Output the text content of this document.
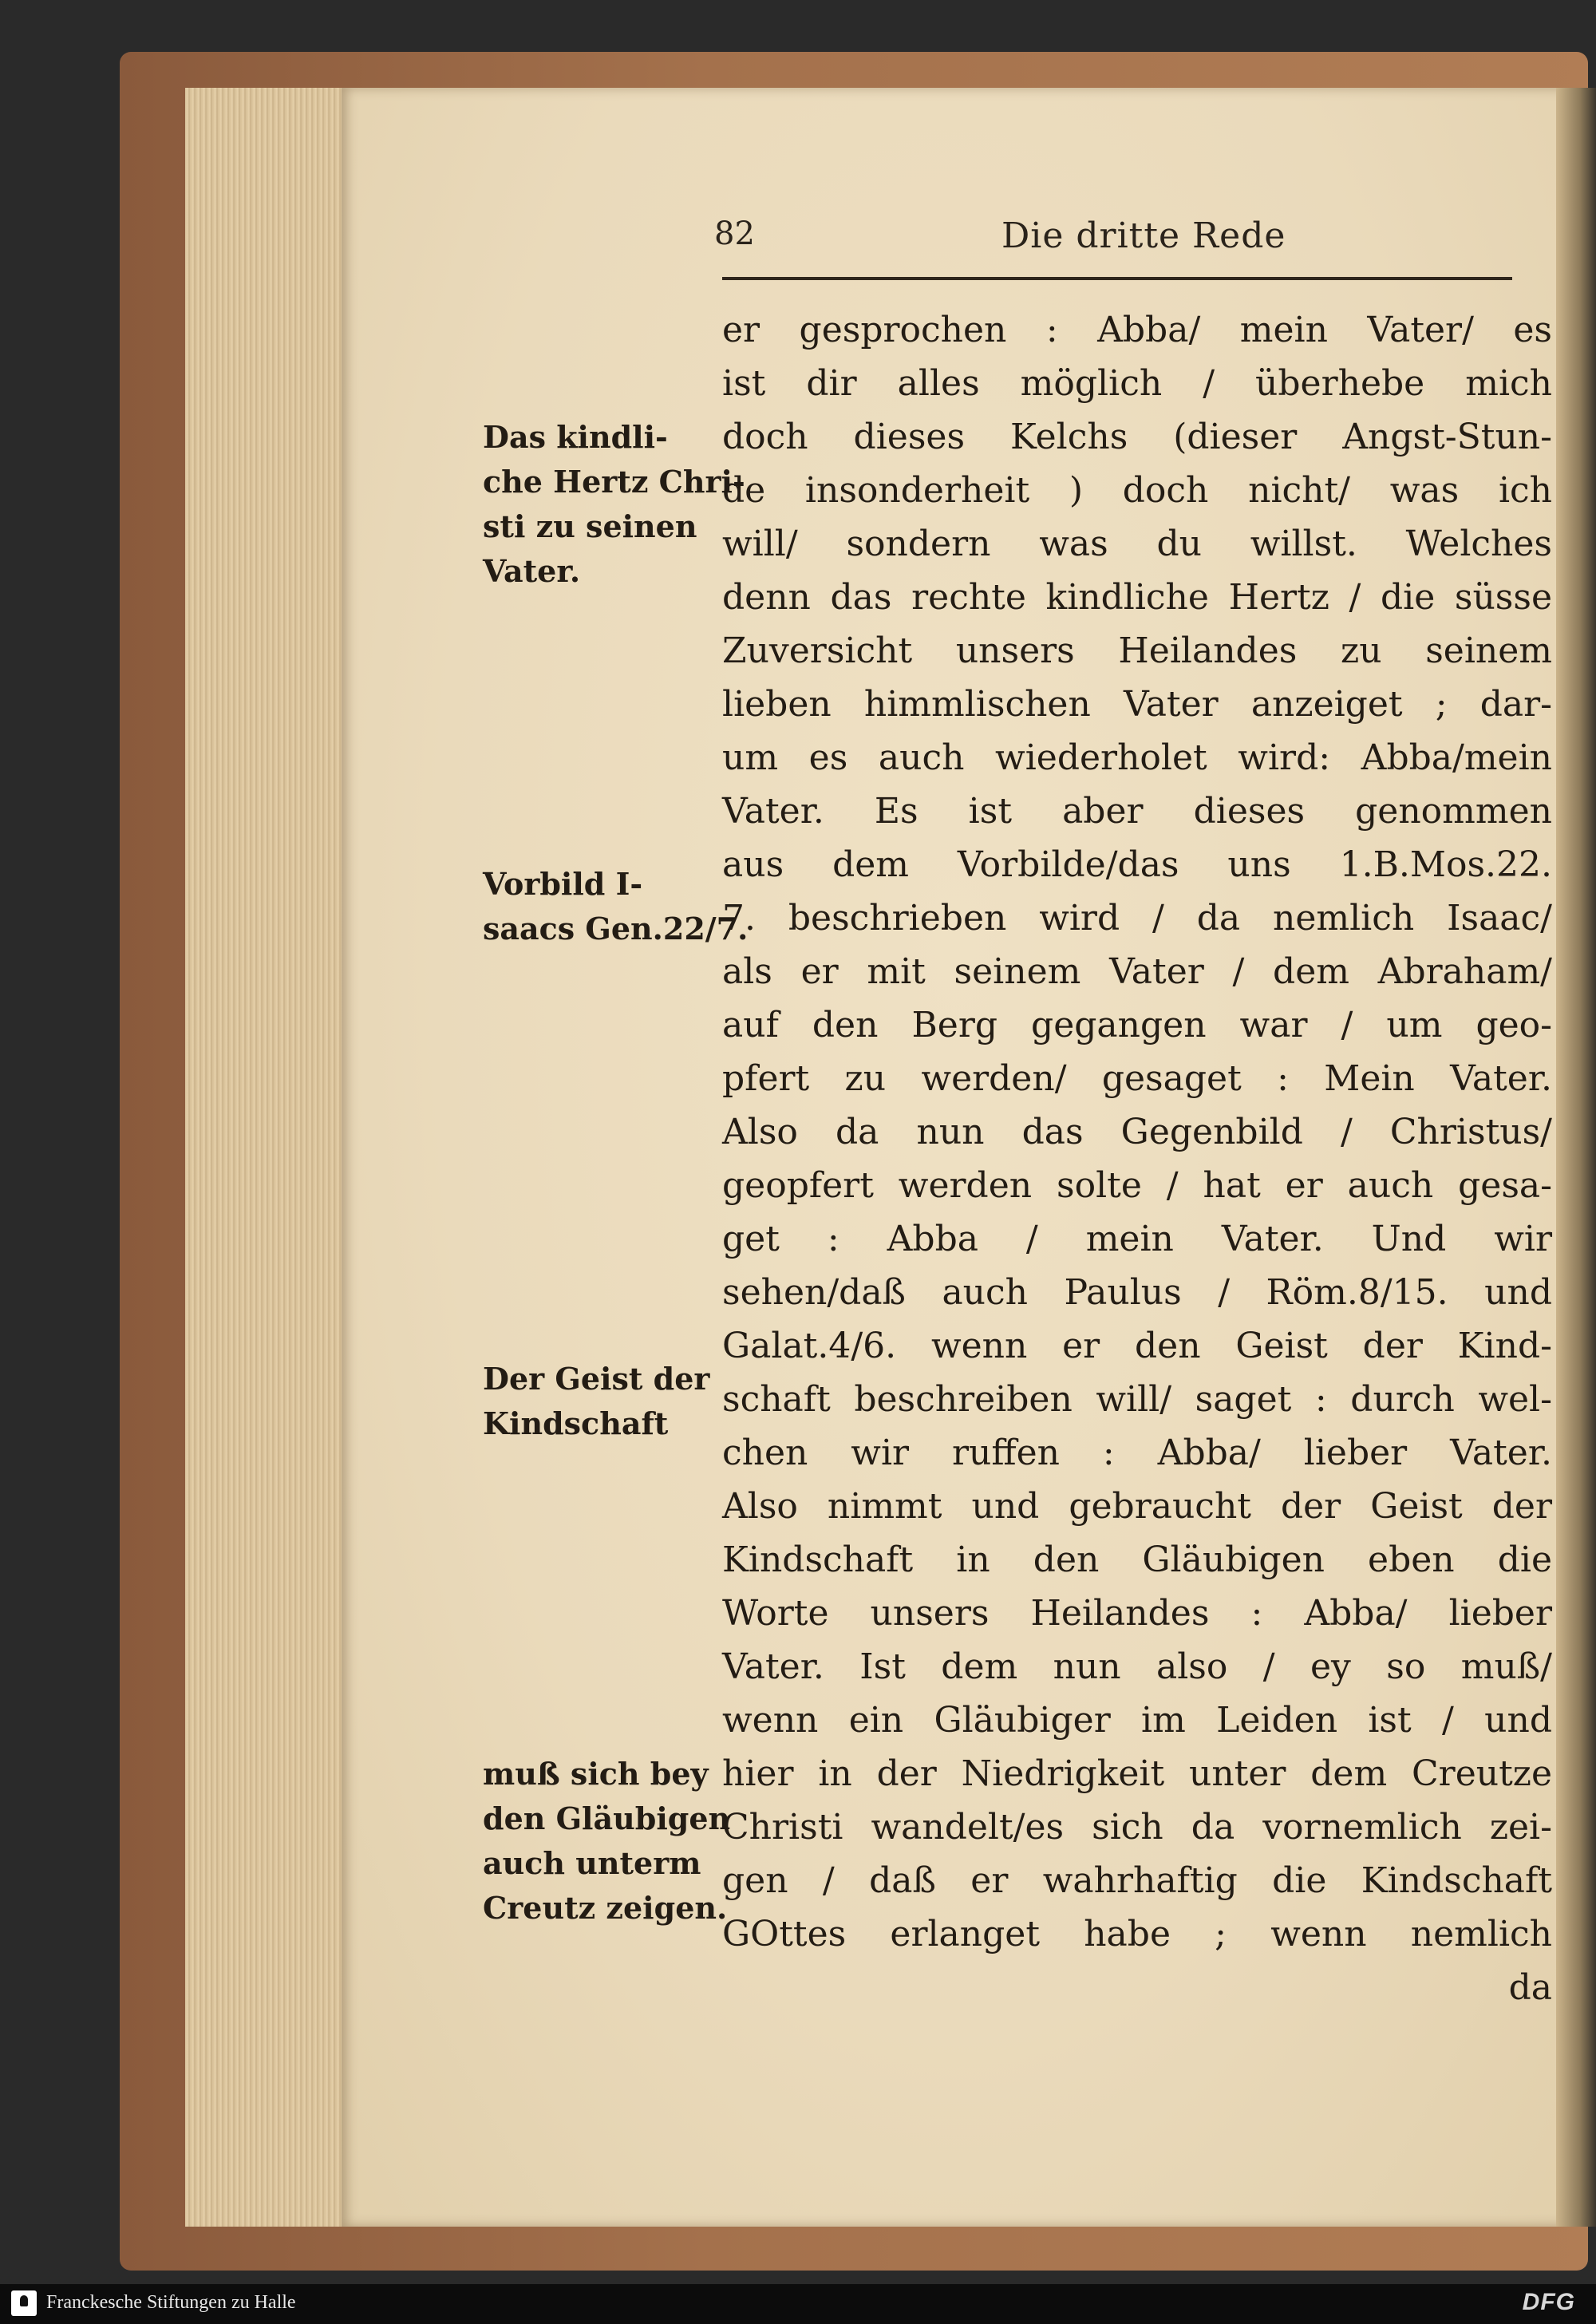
82	Die dritte Rede
er gesprochen : Abba/ mein Vater/ es
ist dir alles möglich / überhebe mich
doch dieses Kelchs (dieser Angst-Stun-
de insonderheit ) doch nicht/ was ich
will/ sondern was du willst. Welches
denn das rechte kindliche Hertz / die süsse
Zuversicht unsers Heilandes zu seinem
lieben himmlischen Vater anzeiget ; dar-
um es auch wiederholet wird: Abba/mein
Vater. Es ist aber dieses genommen
aus dem Vorbilde/das uns 1.B.Mos.22.
7. beschrieben wird / da nemlich Isaac/
als er mit seinem Vater / dem Abraham/
auf den Berg gegangen war / um geo-
pfert zu werden/ gesaget : Mein Vater.
Also da nun das Gegenbild / Christus/
geopfert werden solte / hat er auch gesa-
get : Abba / mein Vater. Und wir
sehen/daß auch Paulus / Röm.8/15. und
Galat.4/6. wenn er den Geist der Kind-
schaft beschreiben will/ saget : durch wel-
chen wir ruffen : Abba/ lieber Vater.
Also nimmt und gebraucht der Geist der
Kindschaft in den Gläubigen eben die
Worte unsers Heilandes : Abba/ lieber
Vater. Ist dem nun also / ey so muß/
wenn ein Gläubiger im Leiden ist / und
hier in der Niedrigkeit unter dem Creutze
Christi wandelt/es sich da vornemlich zei-
gen / daß er wahrhaftig die Kindschaft
GOttes erlanget habe ; wenn nemlich
da
Das kindli-
che Hertz Chri-
sti zu seinen
Vater.
Vorbild I-
saacs Gen.22/7.
Der Geist der
Kindschaft
muß sich bey
den Gläubigen
auch unterm
Creutz zeigen.
Franckesche Stiftungen zu Halle	DFG
